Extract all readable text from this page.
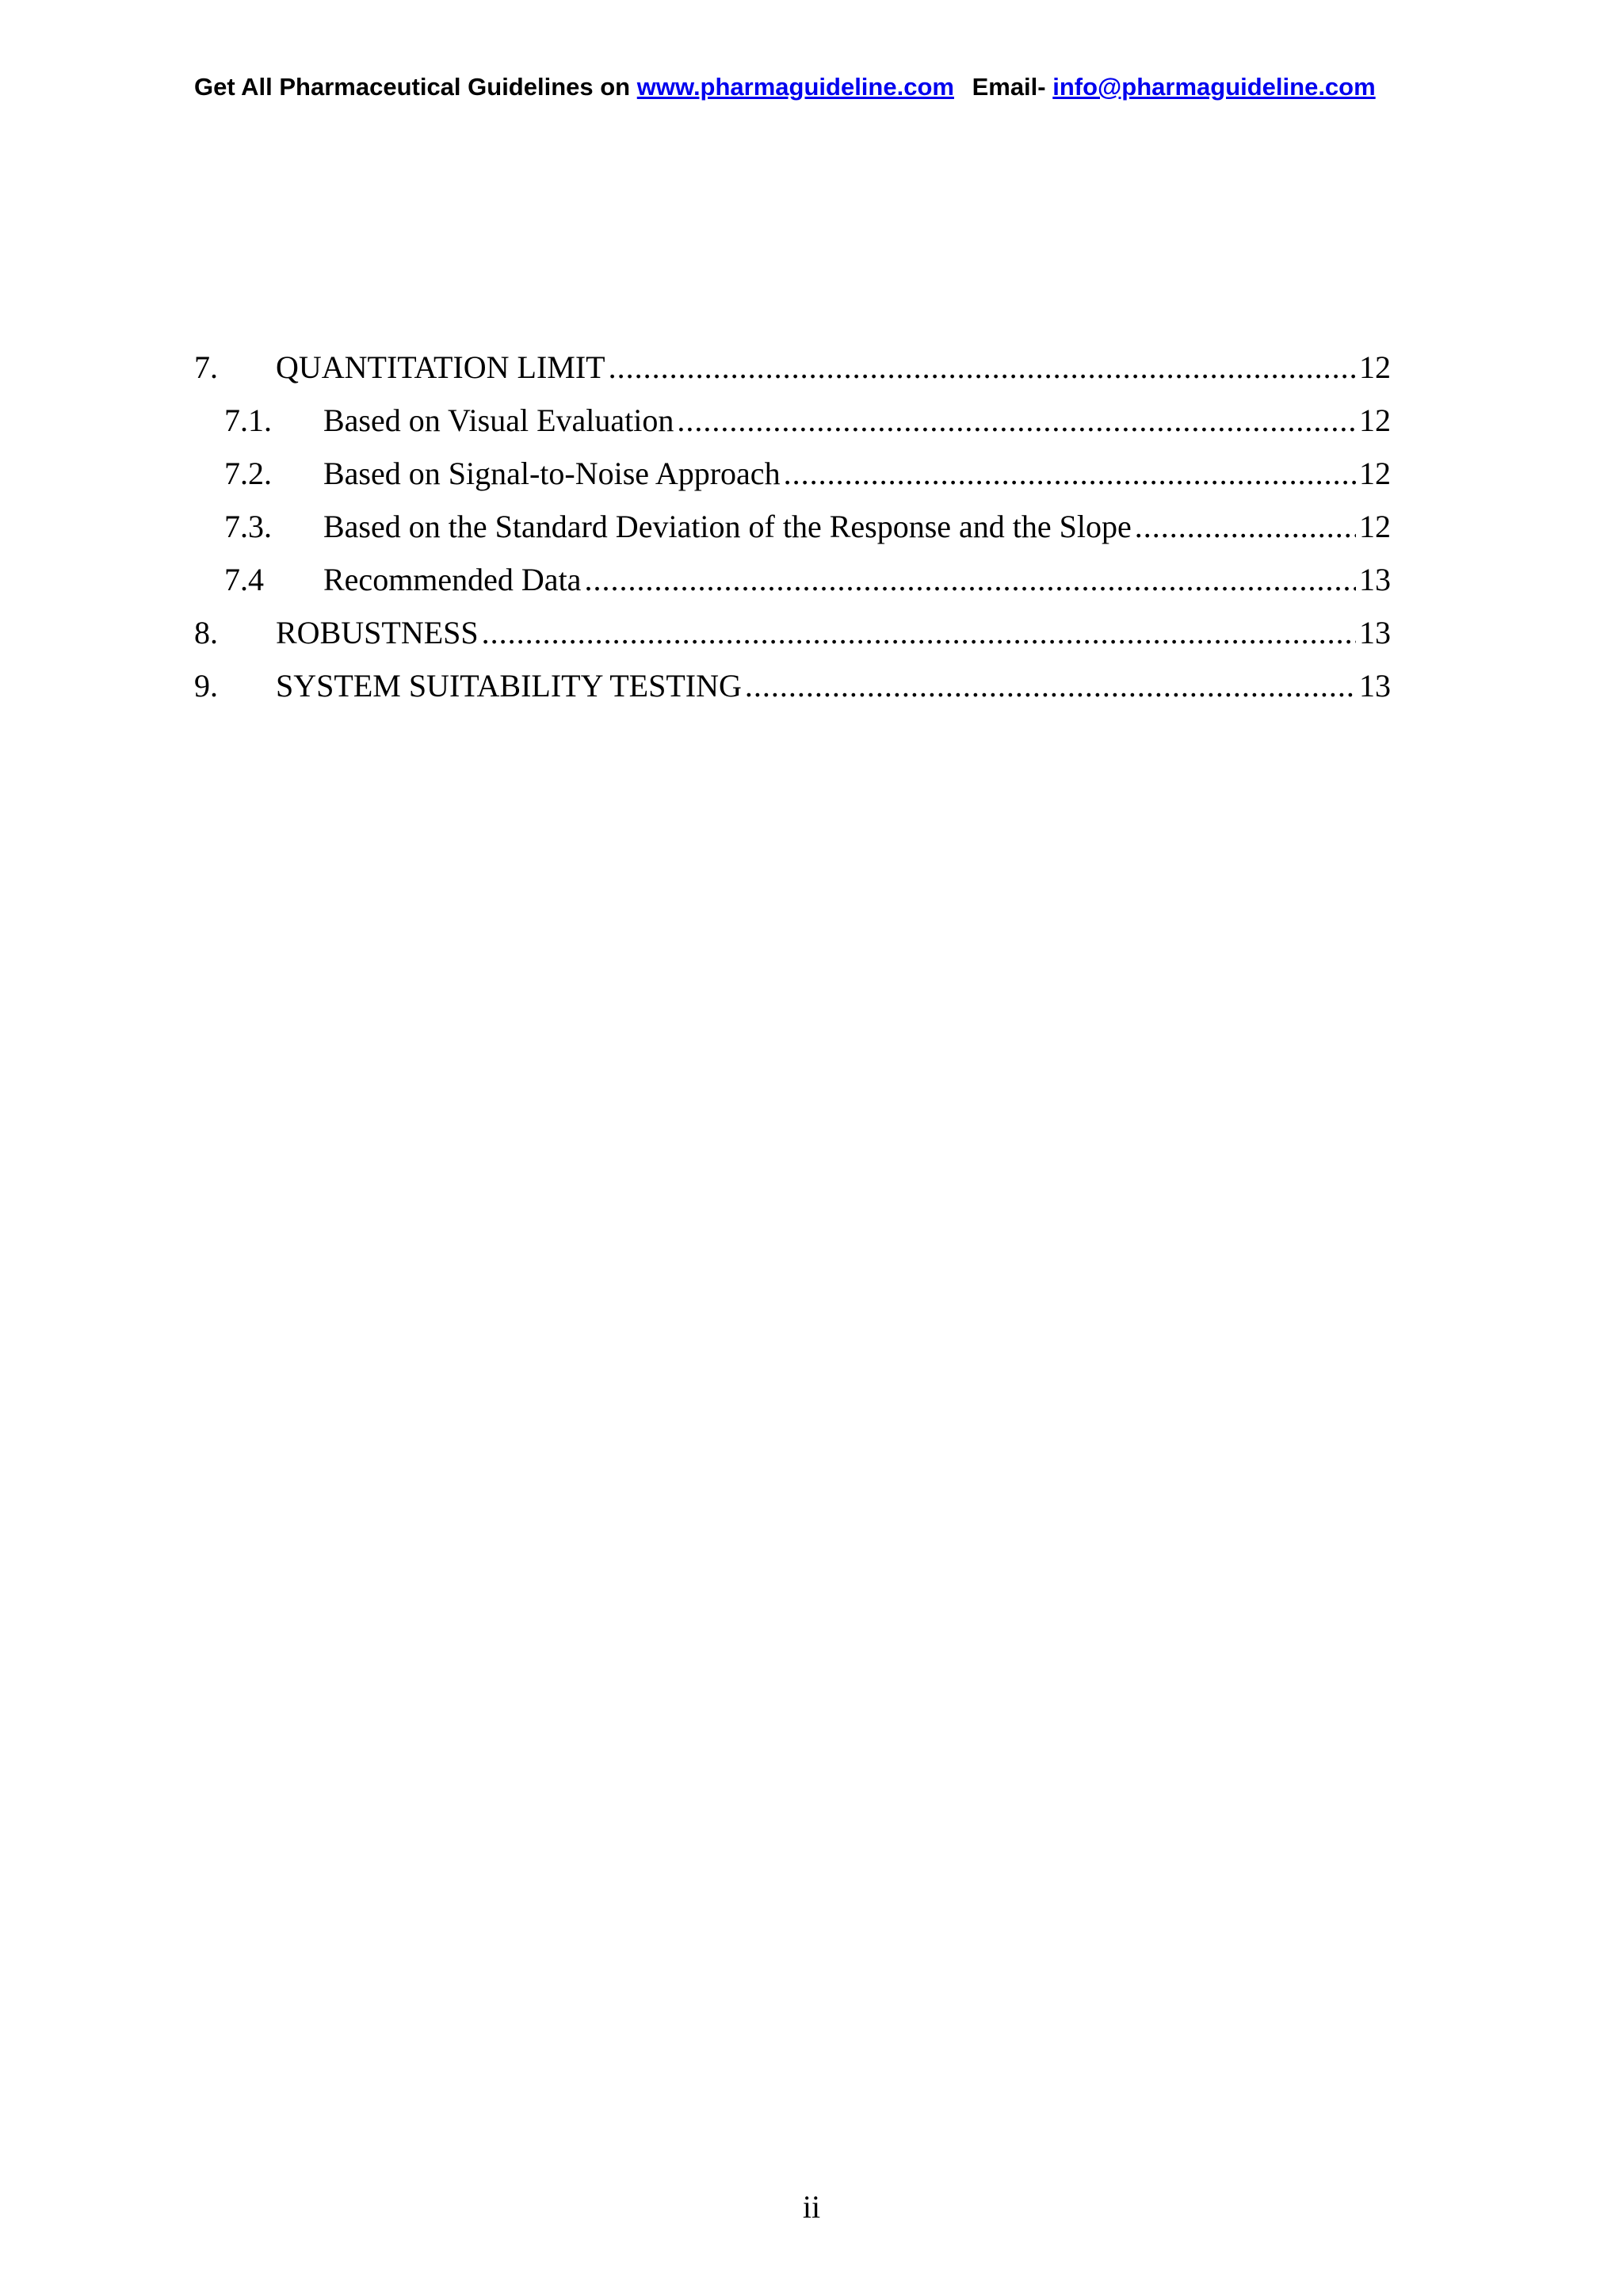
Get All Pharmaceutical Guidelines on www.pharmaguideline.com Email- info@pharmaguideline.com
7.	QUANTITATION LIMIT .....	12
7.1.	Based on Visual Evaluation .....	12
7.2.	Based on Signal-to-Noise Approach .....	12
7.3.	Based on the Standard Deviation of the Response and the Slope .....	12
7.4	Recommended Data .....	13
8.	ROBUSTNESS .....	13
9.	SYSTEM SUITABILITY TESTING .....	13
ii
